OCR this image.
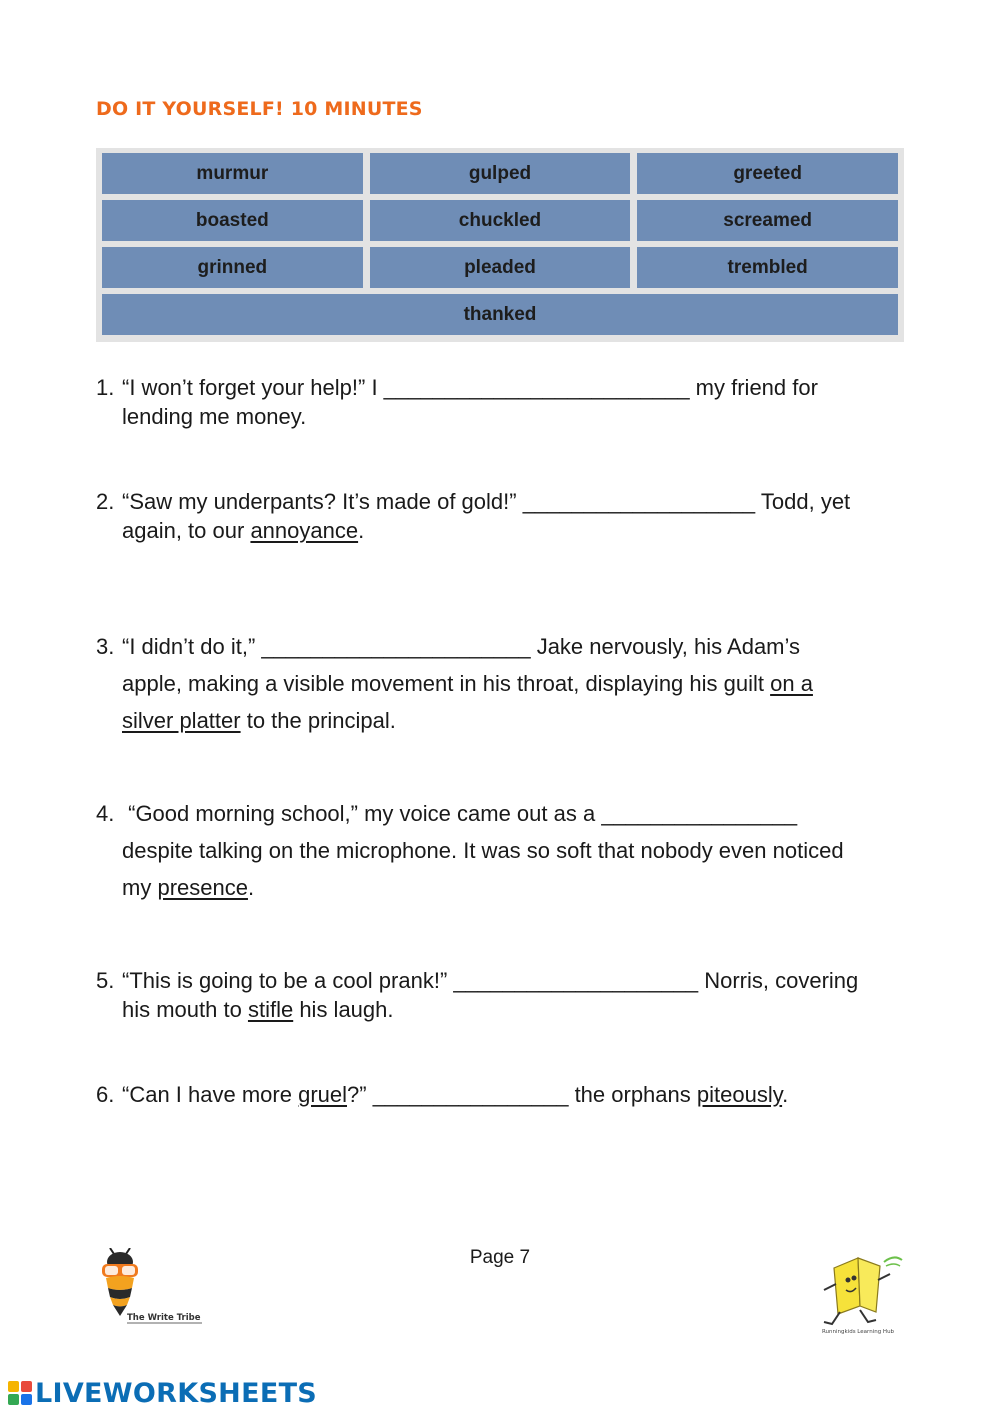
DO IT YOURSELF! 10 MINUTES
murmur	gulped	greeted
boasted	chuckled	screamed
grinned	pleaded	trembled
thanked
1. “I won’t forget your help!” I _________________________ my friend for
lending me money.
2. “Saw my underpants? It’s made of gold!” ___________________ Todd, yet
again, to our annoyance.
3. “I didn’t do it,” ______________________ Jake nervously, his Adam’s
apple, making a visible movement in his throat, displaying his guilt on a
silver platter to the principal.
4. “Good morning school,” my voice came out as a ________________
despite talking on the microphone. It was so soft that nobody even noticed
my presence.
5. “This is going to be a cool prank!” ____________________ Norris, covering
his mouth to stifle his laugh.
6. “Can I have more gruel?” ________________ the orphans piteously.
Page 7
The Write Tribe
Runningkids Learning Hub
LIVEWORKSHEETS
